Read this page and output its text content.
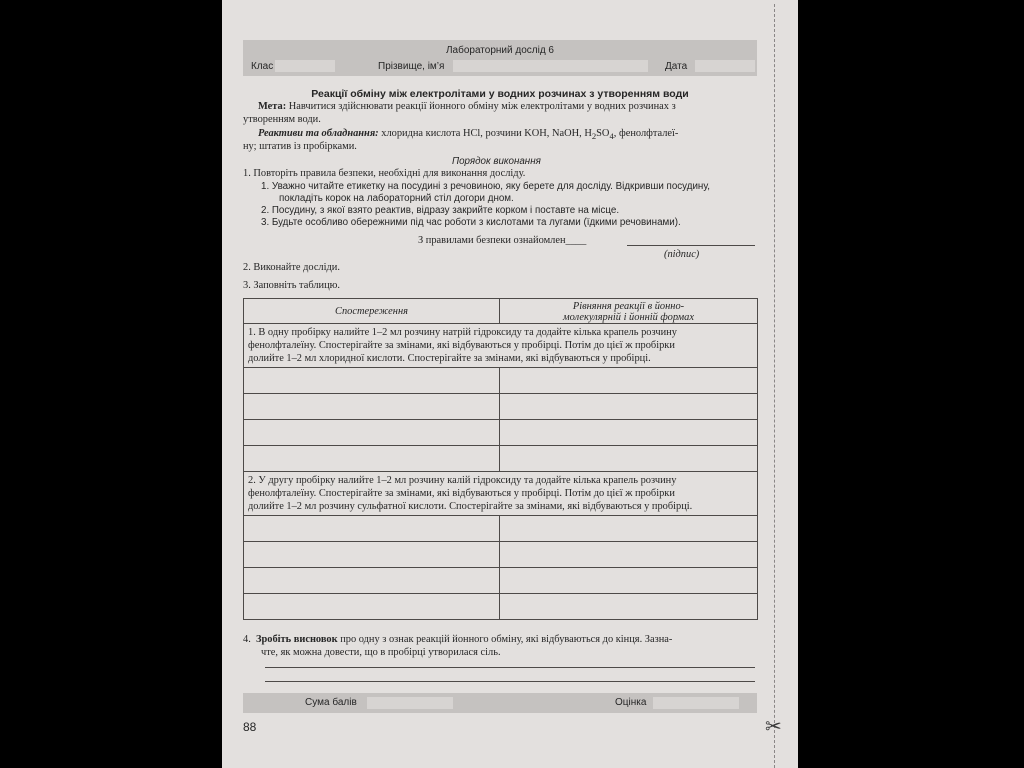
✂
Лабораторний дослід 6
Клас	Прізвище, ім’я	Дата
Реакції обміну між електролітами у водних розчинах з утворенням води
Мета: Навчитися здійснювати реакції йонного обміну між електролітами у водних розчинах з
утворенням води.
Реактиви та обладнання: хлоридна кислота HCl, розчини KOH, NaOH, $H_2SO_4$, фенолфталеї-
ну; штатив із пробірками.
Порядок виконання
1. Повторіть правила безпеки, необхідні для виконання досліду.
1. Уважно читайте етикетку на посудині з речовиною, яку берете для досліду. Відкривши посудину,
покладіть корок на лабораторний стіл догори дном.
2. Посудину, з якої взято реактив, відразу закрийте корком і поставте на місце.
3. Будьте особливо обережними під час роботи з кислотами та лугами (їдкими речовинами).
З правилами безпеки ознайомлен____
(підпис)
2. Виконайте досліди.
3. Заповніть таблицю.
Спостереження	Рівняння реакції в йонно-
молекулярній і йонній формах

1. В одну пробірку налийте 1–2 мл розчину натрій гідроксиду та додайте кілька крапель розчину
фенолфталеїну. Спостерігайте за змінами, які відбуваються у пробірці. Потім до цієї ж пробірки
долийте 1–2 мл хлоридної кислоти. Спостерігайте за змінами, які відбуваються у пробірці.	

2. У другу пробірку налийте 1–2 мл розчину калій гідроксиду та додайте кілька крапель розчину
фенолфталеїну. Спостерігайте за змінами, які відбуваються у пробірці. Потім до цієї ж пробірки
долийте 1–2 мл розчину сульфатної кислоти. Спостерігайте за змінами, які відбуваються у пробірці.	

4. Зробіть висновок про одну з ознак реакцій йонного обміну, які відбуваються до кінця. Зазна-
чте, як можна довести, що в пробірці утворилася сіль.
Сума балів	Оцінка
88
